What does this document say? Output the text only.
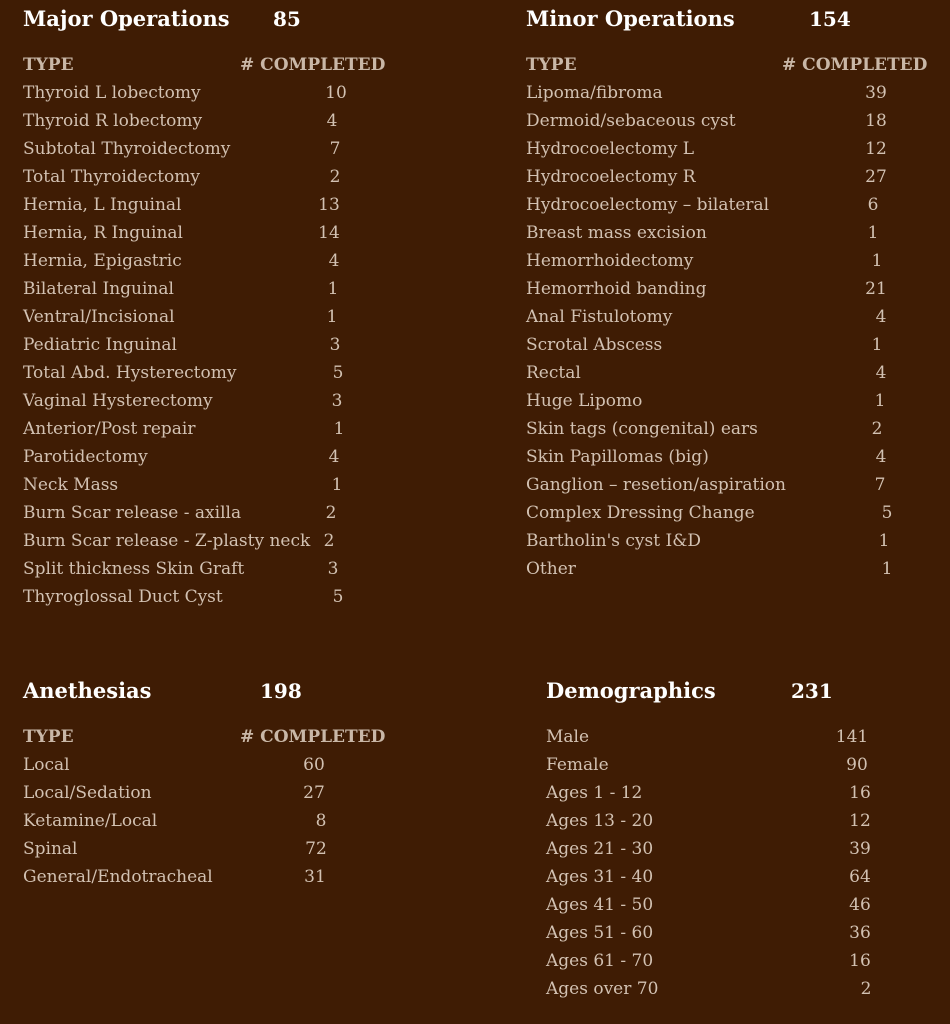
Major Operations 85
TYPE	# COMPLETED
Thyroid L lobectomy	10
Thyroid R lobectomy	4
Subtotal Thyroidectomy	7
Total Thyroidectomy	2
Hernia, L Inguinal	13
Hernia, R Inguinal	14
Hernia, Epigastric	4
Bilateral Inguinal	1
Ventral/Incisional	1
Pediatric Inguinal	3
Total Abd. Hysterectomy	5
Vaginal Hysterectomy	3
Anterior/Post repair	1
Parotidectomy	4
Neck Mass	1
Burn Scar release - axilla	2
Burn Scar release - Z-plasty neck 2
Split thickness Skin Graft	3
Thyroglossal Duct Cyst	5
Minor Operations	154
TYPE	# COMPLETED
Lipoma/fibroma	39
Dermoid/sebaceous cyst	18
Hydrocoelectomy L	12
Hydrocoelectomy R	27
Hydrocoelectomy – bilateral	6
Breast mass excision	1
Hemorrhoidectomy	1
Hemorrhoid banding	21
Anal Fistulotomy	4
Scrotal Abscess	1
Rectal	4
Huge Lipomo	1
Skin tags (congenital) ears	2
Skin Papillomas (big)	4
Ganglion – resetion/aspiration	7
Complex Dressing Change	5
Bartholin's cyst I&D	1
Other	1
Anethesias	198
TYPE	# COMPLETED
Local	60
Local/Sedation	27
Ketamine/Local	8
Spinal	72
General/Endotracheal	31
Demographics	231
Male	141
Female	90
Ages 1 - 12	16
Ages 13 - 20	12
Ages 21 - 30	39
Ages 31 - 40	64
Ages 41 - 50	46
Ages 51 - 60	36
Ages 61 - 70	16
Ages over 70	2
